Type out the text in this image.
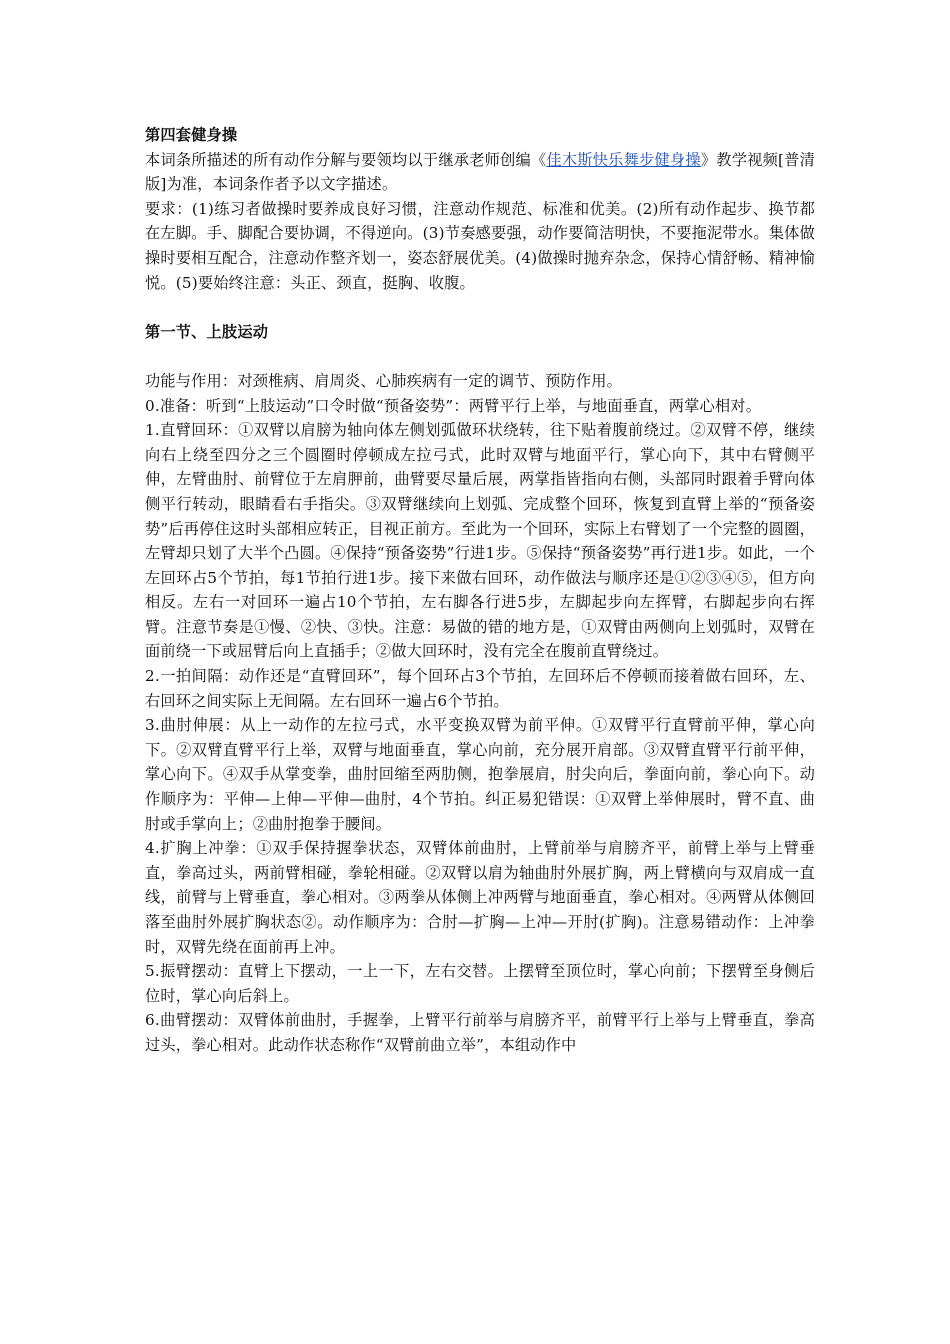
第四套健身操

本词条所描述的所有动作分解与要领均以于继承老师创编《佳木斯快乐舞步健身操》教学视频[普清版]为准，本词条作者予以文字描述。

要求：(1)练习者做操时要养成良好习惯，注意动作规范、标准和优美。(2)所有动作起步、换节都在左脚。手、脚配合要协调，不得逆向。(3)节奏感要强，动作要简洁明快，不要拖泥带水。集体做操时要相互配合，注意动作整齐划一，姿态舒展优美。(4)做操时抛弃杂念，保持心情舒畅、精神愉悦。(5)要始终注意：头正、颈直，挺胸、收腹。

第一节、上肢运动

功能与作用：对颈椎病、肩周炎、心肺疾病有一定的调节、预防作用。

0.准备：听到“上肢运动”口令时做“预备姿势”：两臂平行上举，与地面垂直，两掌心相对。

1.直臂回环：①双臂以肩膀为轴向体左侧划弧做环状绕转，往下贴着腹前绕过。②双臂不停，继续向右上绕至四分之三个圆圈时停顿成左拉弓式，此时双臂与地面平行，掌心向下，其中右臂侧平伸，左臂曲肘、前臂位于左肩胛前，曲臂要尽量后展，两掌指皆指向右侧，头部同时跟着手臂向体侧平行转动，眼睛看右手指尖。③双臂继续向上划弧、完成整个回环，恢复到直臂上举的“预备姿势”后再停住这时头部相应转正，目视正前方。至此为一个回环，实际上右臂划了一个完整的圆圈，左臂却只划了大半个凸圆。④保持“预备姿势”行进1步。⑤保持“预备姿势”再行进1步。如此，一个左回环占5个节拍，每1节拍行进1步。接下来做右回环，动作做法与顺序还是①②③④⑤，但方向相反。左右一对回环一遍占10个节拍，左右脚各行进5步，左脚起步向左挥臂，右脚起步向右挥臂。注意节奏是①慢、②快、③快。注意：易做的错的地方是，①双臂由两侧向上划弧时，双臂在面前绕一下或屈臂后向上直插手；②做大回环时，没有完全在腹前直臂绕过。

2.一拍间隔：动作还是“直臂回环”，每个回环占3个节拍，左回环后不停顿而接着做右回环，左、右回环之间实际上无间隔。左右回环一遍占6个节拍。

3.曲肘伸展：从上一动作的左拉弓式，水平变换双臂为前平伸。①双臂平行直臂前平伸，掌心向下。②双臂直臂平行上举，双臂与地面垂直，掌心向前，充分展开肩部。③双臂直臂平行前平伸，掌心向下。④双手从掌变拳，曲肘回缩至两肋侧，抱拳展肩，肘尖向后，拳面向前，拳心向下。动作顺序为：平伸—上伸—平伸—曲肘，4个节拍。纠正易犯错误：①双臂上举伸展时，臂不直、曲肘或手掌向上；②曲肘抱拳于腰间。

4.扩胸上冲拳：①双手保持握拳状态，双臂体前曲肘，上臂前举与肩膀齐平，前臂上举与上臂垂直，拳高过头，两前臂相碰，拳轮相碰。②双臂以肩为轴曲肘外展扩胸，两上臂横向与双肩成一直线，前臂与上臂垂直，拳心相对。③两拳从体侧上冲两臂与地面垂直，拳心相对。④两臂从体侧回落至曲肘外展扩胸状态②。动作顺序为：合肘—扩胸—上冲—开肘(扩胸)。注意易错动作：上冲拳时，双臂先绕在面前再上冲。

5.振臂摆动：直臂上下摆动，一上一下，左右交替。上摆臂至顶位时，掌心向前；下摆臂至身侧后位时，掌心向后斜上。

6.曲臂摆动：双臂体前曲肘，手握拳，上臂平行前举与肩膀齐平，前臂平行上举与上臂垂直，拳高过头，拳心相对。此动作状态称作“双臂前曲立举”，本组动作中
